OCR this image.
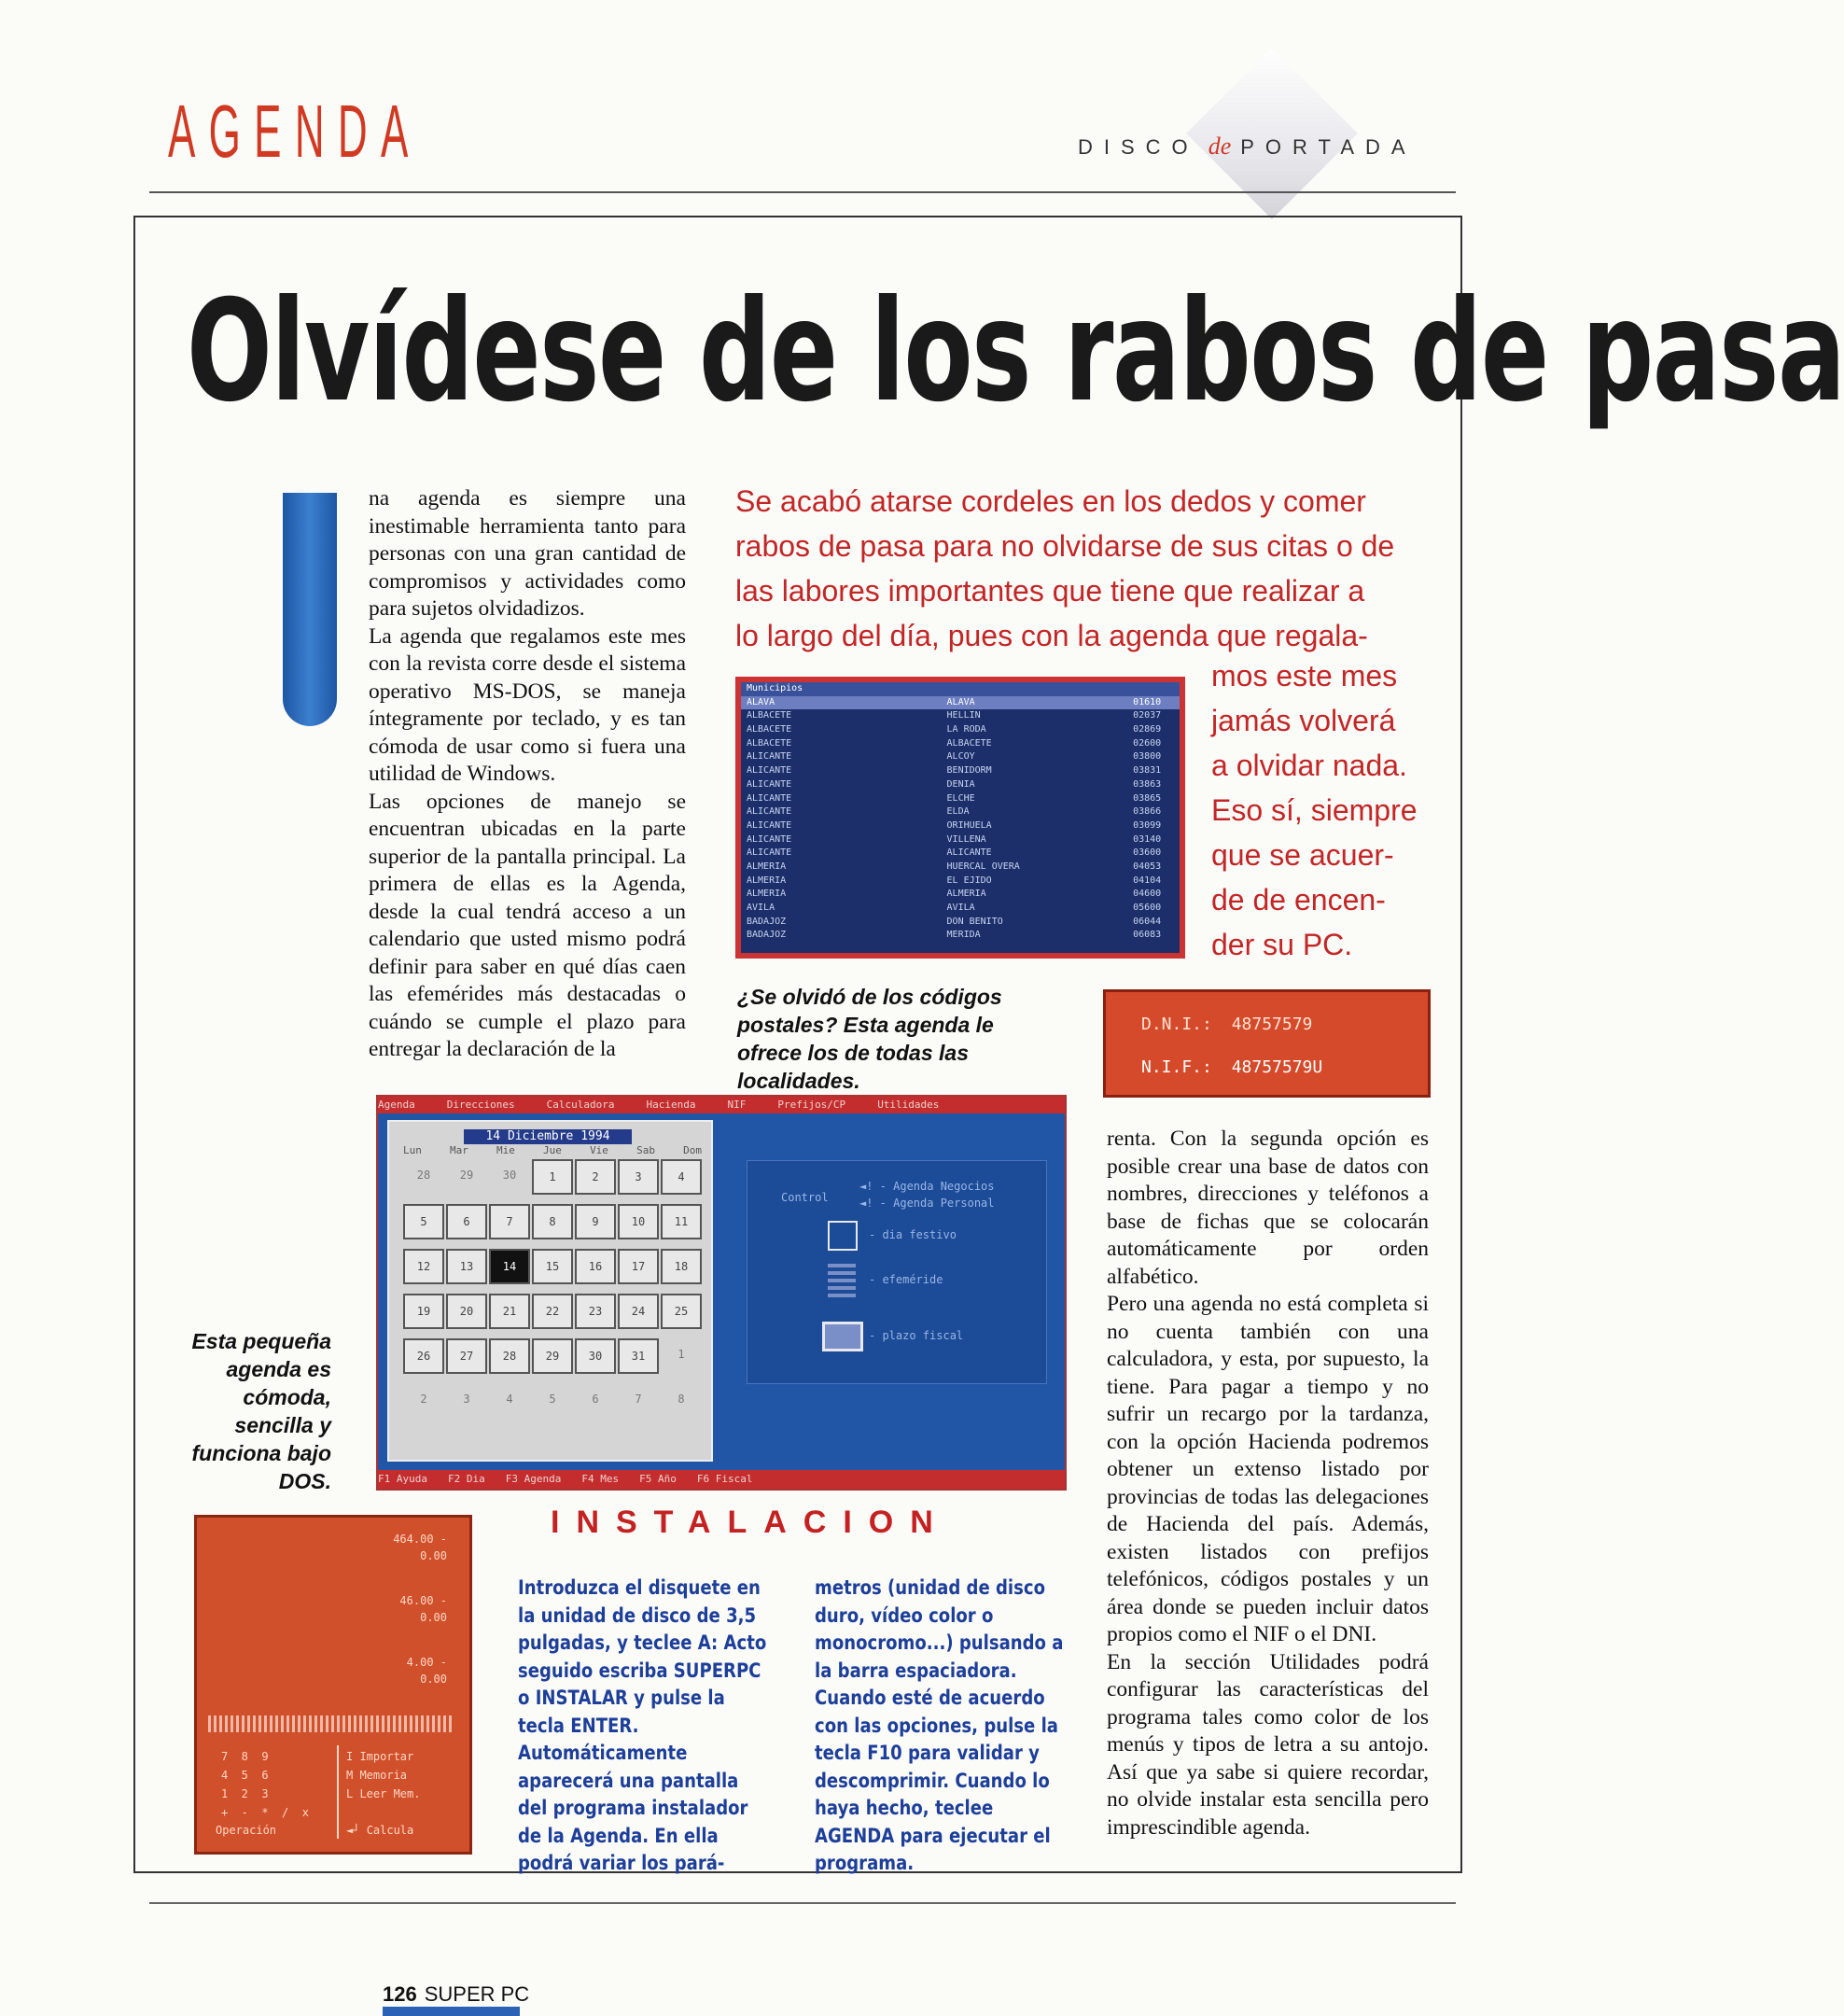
AGENDA	DISCO de PORTADA
Olvídese de los rabos de pasa

na agenda es siempre una inestimable herramienta tanto para personas con una gran cantidad de compromisos y actividades como para sujetos olvidadizos.

La agenda que regalamos este mes con la revista corre desde el sistema operativo MS-DOS, se maneja íntegramente por teclado, y es tan cómoda de usar como si fuera una utilidad de Windows.

Las opciones de manejo se encuentran ubicadas en la parte superior de la pantalla principal. La primera de ellas es la Agenda, desde la cual tendrá acceso a un calendario que usted mismo podrá definir para saber en qué días caen las efemérides más destacadas o cuándo se cumple el plazo para entregar la declaración de la

Se acabó atarse cordeles en los dedos y comer
rabos de pasa para no olvidarse de sus citas o de
las labores importantes que tiene que realizar a
lo largo del día, pues con la agenda que regala-
mos este mes
jamás volverá
a olvidar nada.
Eso sí, siempre
que se acuer-
de de encen-
der su PC.
Municipios
ALAVA	ALAVA	01610
ALBACETE	HELLIN	02037
ALBACETE	LA RODA	02869
ALBACETE	ALBACETE	02600
ALICANTE	ALCOY	03800
ALICANTE	BENIDORM	03831
ALICANTE	DENIA	03863
ALICANTE	ELCHE	03865
ALICANTE	ELDA	03866
ALICANTE	ORIHUELA	03099
ALICANTE	VILLENA	03140
ALICANTE	ALICANTE	03600
ALMERIA	HUERCAL OVERA	04053
ALMERIA	EL EJIDO	04104
ALMERIA	ALMERIA	04600
AVILA	AVILA	05600
BADAJOZ	DON BENITO	06044
BADAJOZ	MERIDA	06083
¿Se olvidó de los códigos postales? Esta agenda le ofrece los de todas las localidades.
D.N.I.: 48757579
N.I.F.: 48757579U
Agenda	Direcciones	Calculadora	Hacienda	NIF	Prefijos/CP	Utilidades
14 Diciembre 1994
Lun	Mar	Mie	Jue	Vie	Sab	Dom
28	29	30	1	2	3	4
5	6	7	8	9	10	11
12	13	14	15	16	17	18
19	20	21	22	23	24	25
26	27	28	29	30	31	1
2	3	4	5	6	7	8
Control
◄! - Agenda Negocios
◄! - Agenda Personal
- dia festivo
- efeméride
- plazo fiscal
F1 Ayuda F2 Dia F3 Agenda F4 Mes F5 Año F6 Fiscal
Esta pequeña agenda es cómoda, sencilla y funciona bajo DOS.
464.00 -
0.00
46.00 -
0.00
4.00 -
0.00
7  8  9
4  5  6
1  2  3
+  -  *  /  x
I Importar
M Memoria
L Leer Mem.
Operación	◄┘ Calcula
INSTALACION
Introduzca el disquete en la unidad de disco de 3,5 pulgadas, y teclee A: Acto seguido escriba SUPERPC o INSTALAR y pulse la tecla ENTER. Automáticamente aparecerá una pantalla del programa instalador de la Agenda. En ella podrá variar los pará-
metros (unidad de disco duro, vídeo color o monocromo...) pulsando a la barra espaciadora. Cuando esté de acuerdo con las opciones, pulse la tecla F10 para validar y descomprimir. Cuando lo haya hecho, teclee AGENDA para ejecutar el programa.

renta. Con la segunda opción es posible crear una base de datos con nombres, direcciones y teléfonos a base de fichas que se colocarán automáticamente por orden alfabético.

Pero una agenda no está completa si no cuenta también con una calculadora, y esta, por supuesto, la tiene. Para pagar a tiempo y no sufrir un recargo por la tardanza, con la opción Hacienda podremos obtener un extenso listado por provincias de todas las delegaciones de Hacienda del país. Además, existen listados con prefijos telefónicos, códigos postales y un área donde se pueden incluir datos propios como el NIF o el DNI.

En la sección Utilidades podrá configurar las características del programa tales como color de los menús y tipos de letra a su antojo. Así que ya sabe si quiere recordar, no olvide instalar esta sencilla pero imprescindible agenda.

126 SUPER PC
